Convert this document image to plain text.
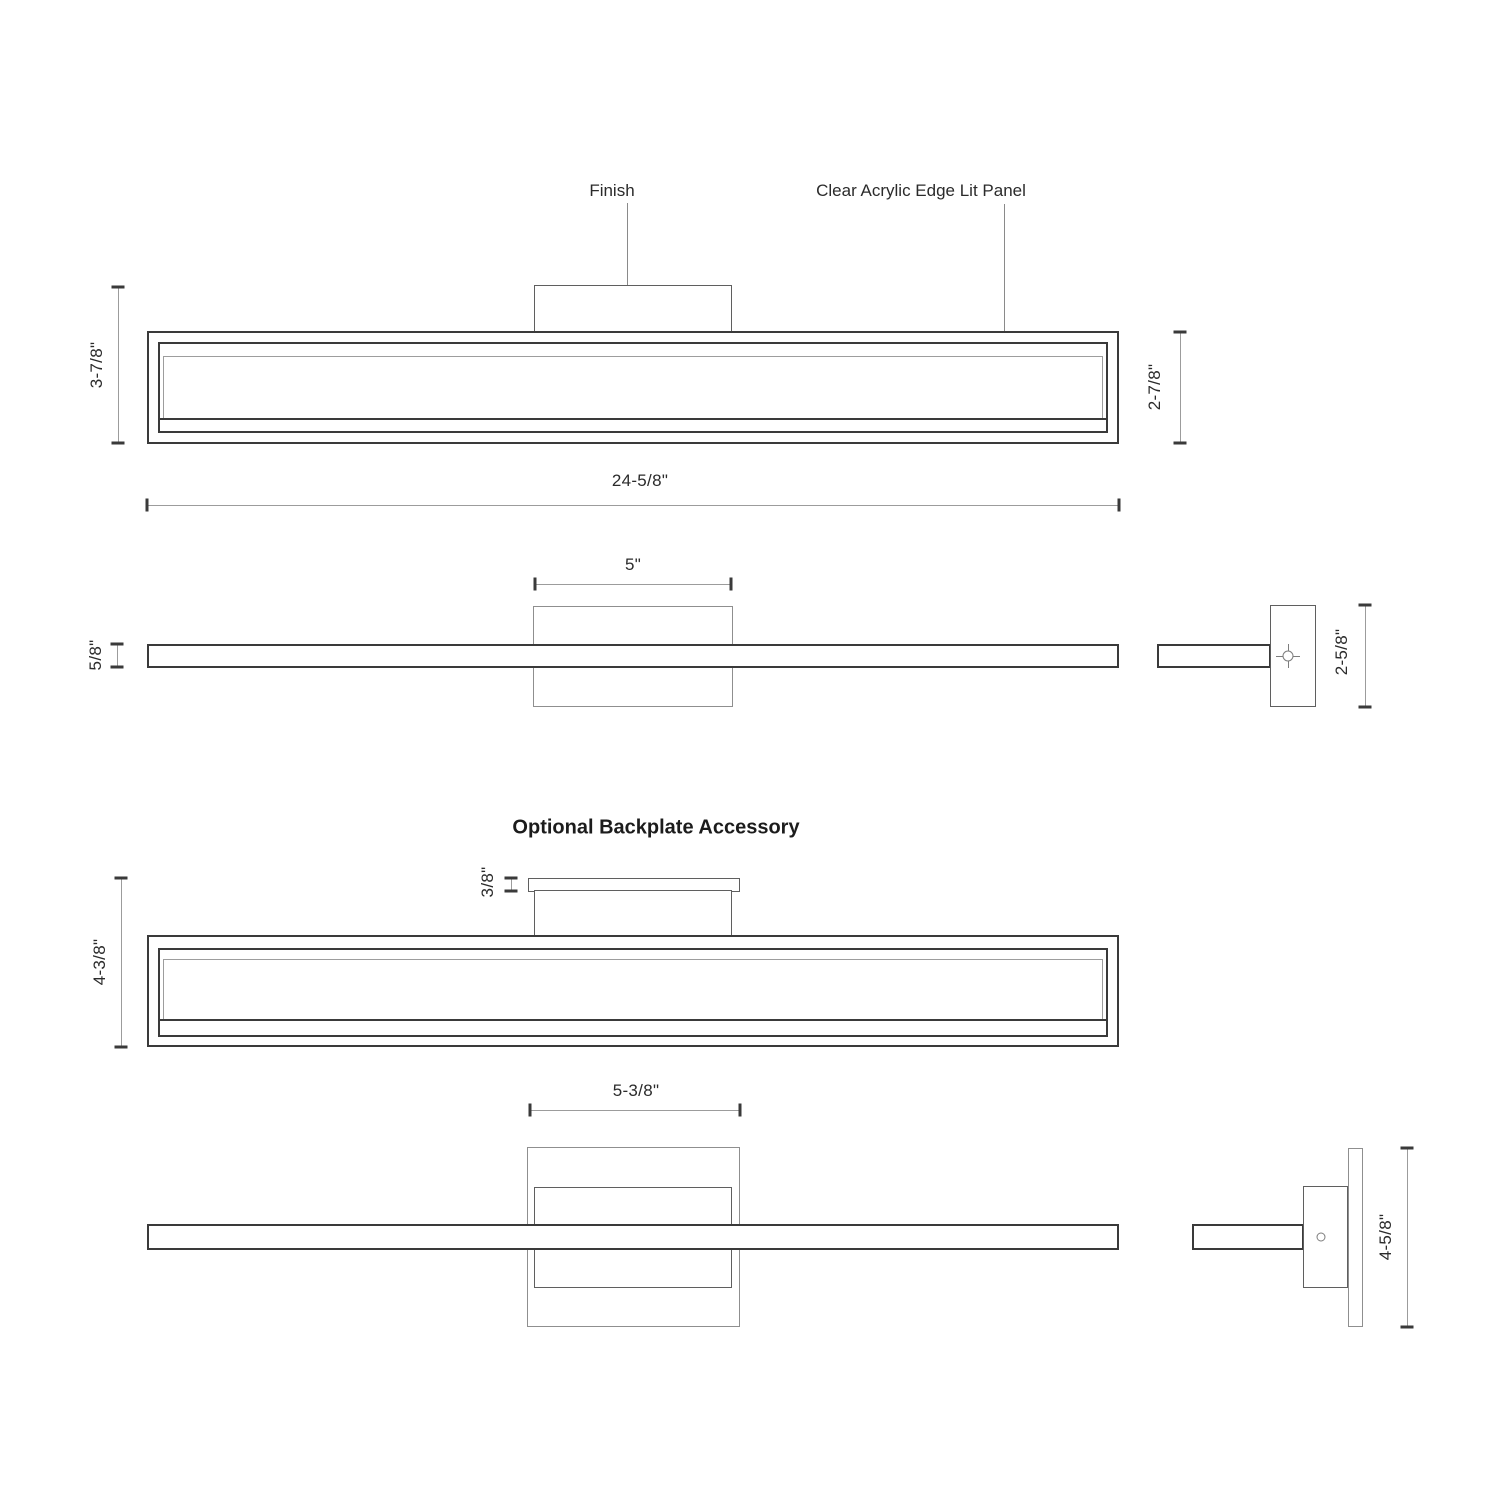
Finish	Clear Acrylic Edge Lit Panel
3-7/8"	2-7/8"
24-5/8"
5"
5/8"	2-5/8"
Optional Backplate Accessory
3/8"
4-3/8"
5-3/8"
4-5/8"
